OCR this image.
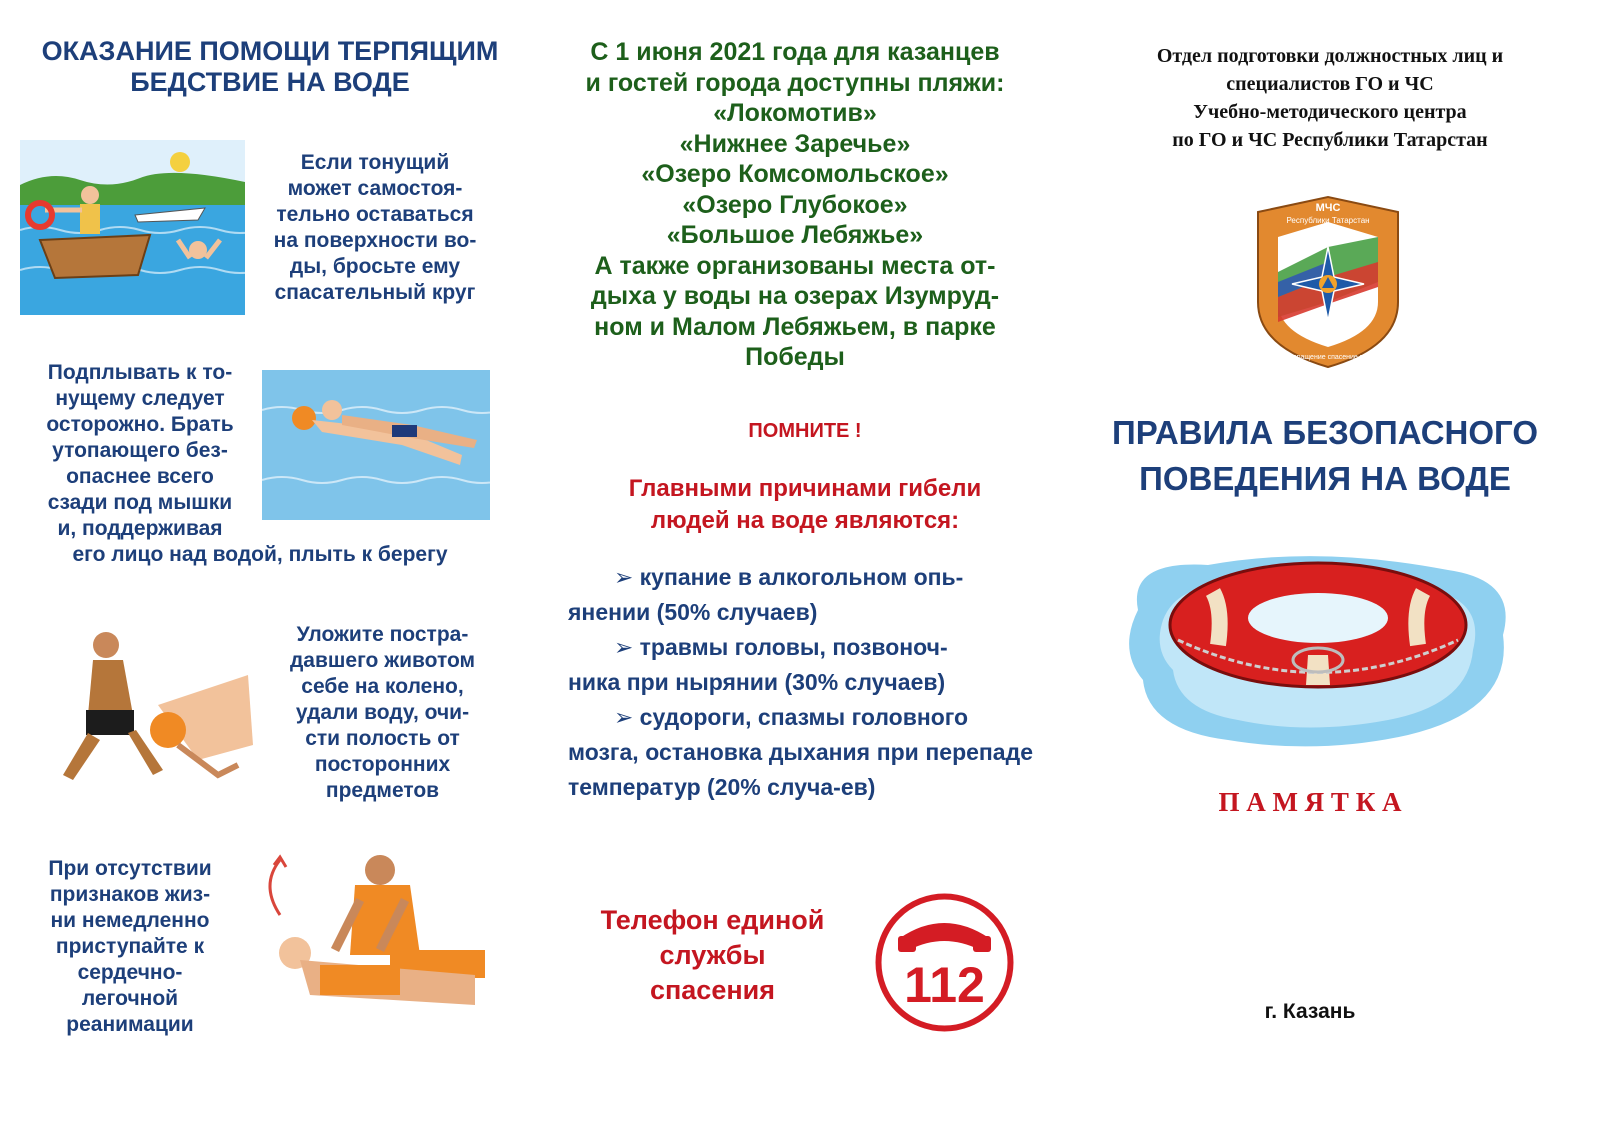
ОКАЗАНИЕ ПОМОЩИ ТЕРПЯЩИМ БЕДСТВИЕ НА ВОДЕ
Если тонущий
может самостоя-
тельно оставаться
на поверхности во-
ды, бросьте ему
спасательный круг
Подплывать к то-
нущему следует
осторожно. Брать
утопающего без-
опаснее всего
сзади под мышки
и, поддерживая
его лицо над водой, плыть к берегу
Уложите постра-
давшего животом
себе на колено,
удали воду, очи-
сти полость от
посторонних
предметов
При отсутствии
признаков жиз-
ни немедленно
приступайте к
сердечно-
легочной
реанимации
С 1 июня 2021 года для казанцев
и гостей города доступны пляжи:
«Локомотив»
«Нижнее Заречье»
«Озеро Комсомольское»
«Озеро Глубокое»
«Большое Лебяжье»
А также организованы места от-
дыха у воды на озерах Изумруд-
ном и Малом Лебяжьем, в парке
Победы
ПОМНИТЕ !
Главными причинами гибели
людей на воде являются:
➢ купание в алкогольном опь-
янении (50% случаев)
➢ травмы головы, позвоноч-
ника при нырянии (30% случаев)
➢ судороги, спазмы головного
мозга, остановка дыхания при перепаде температур (20% случа-ев)
Телефон единой
службы
спасения	112
Отдел подготовки должностных лиц и
специалистов ГО и ЧС
Учебно-методического центра
по ГО и ЧС Республики Татарстан
МЧС
Республики Татарстан
предотвращение спасение помощь
ПРАВИЛА БЕЗОПАСНОГО
ПОВЕДЕНИЯ НА ВОДЕ
П А М Я Т К А
г. Казань
